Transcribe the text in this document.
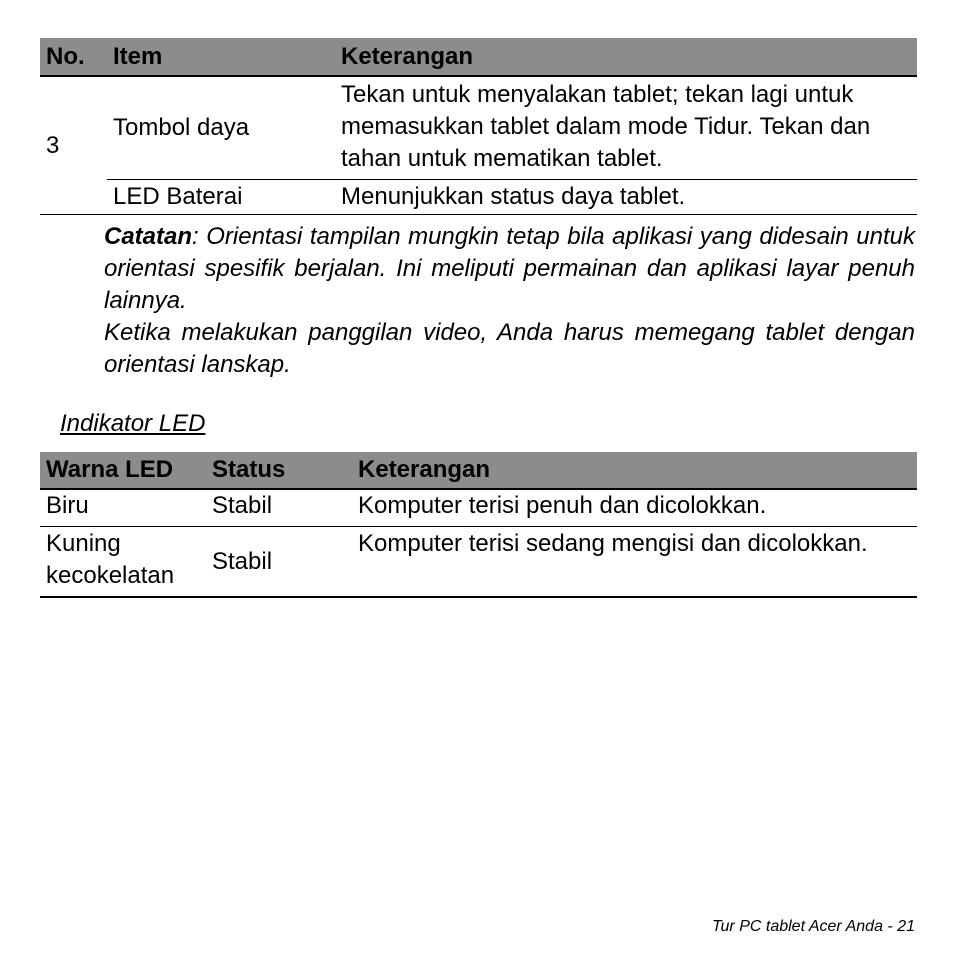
No.	Item	Keterangan
3	Tombol daya	Tekan untuk menyalakan tablet; tekan lagi untuk memasukkan tablet dalam mode Tidur. Tekan dan tahan untuk mematikan tablet.
	LED Baterai	Menunjukkan status daya tablet.

Catatan: Orientasi tampilan mungkin tetap bila aplikasi yang didesain untuk orientasi spesifik berjalan. Ini meliputi permainan dan aplikasi layar penuh lainnya.

Ketika melakukan panggilan video, Anda harus memegang tablet dengan orientasi lanskap.

Indikator LED
Warna LED	Status	Keterangan
Biru	Stabil	Komputer terisi penuh dan dicolokkan.
Kuning kecokelatan	Stabil	Komputer terisi sedang mengisi dan dicolokkan.
Tur PC tablet Acer Anda - 21
